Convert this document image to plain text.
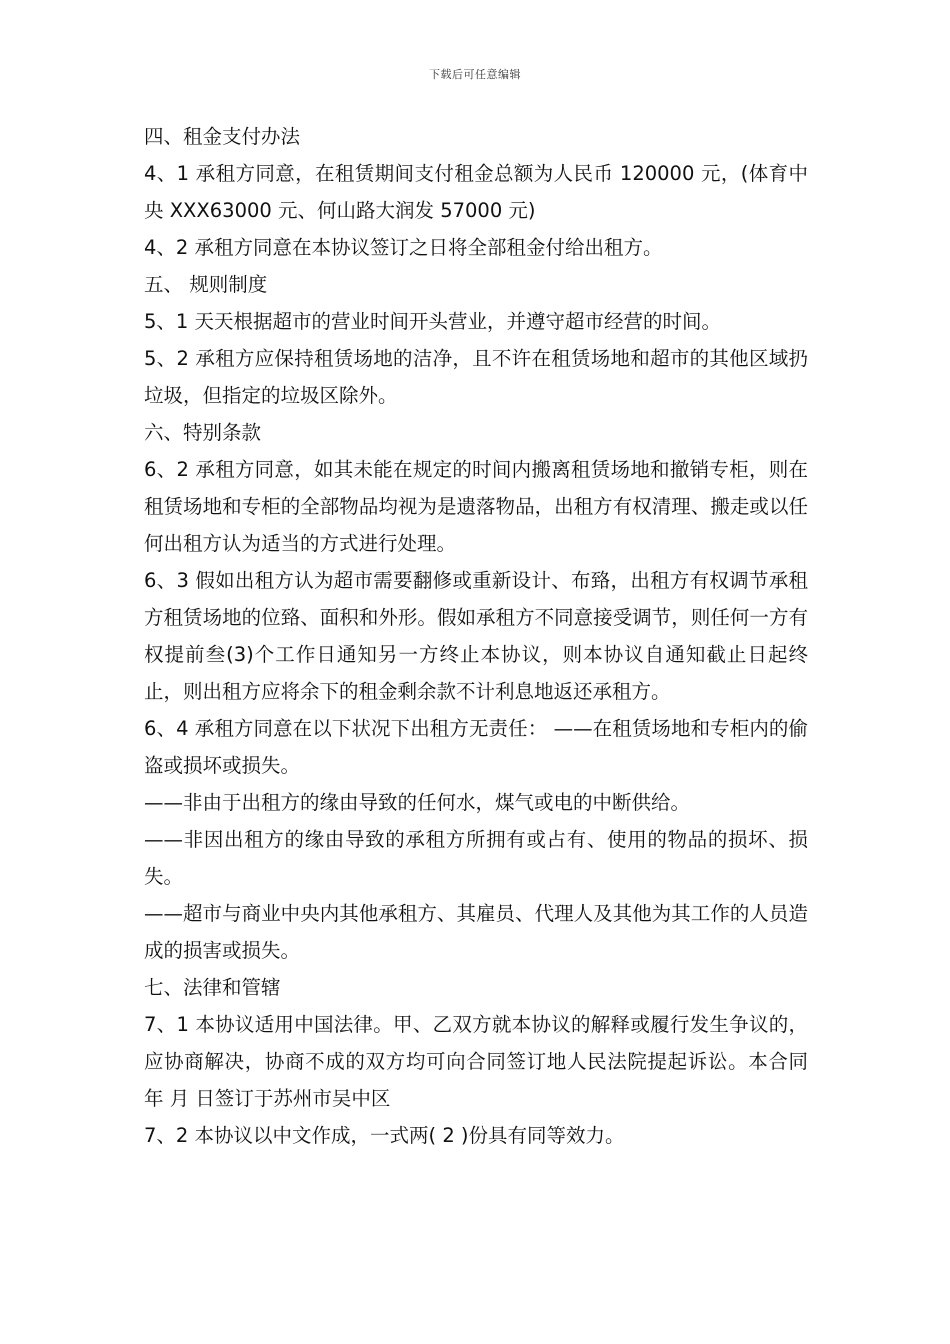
下载后可任意编辑

四、租金支付办法

4、1 承租方同意，在租赁期间支付租金总额为人民币 120000 元，(体育中央 XXX63000 元、何山路大润发 57000 元)

4、2 承租方同意在本协议签订之日将全部租金付给出租方。

五、 规则制度

5、1 天天根据超市的营业时间开头营业，并遵守超市经营的时间。

5、2 承租方应保持租赁场地的洁净，且不许在租赁场地和超市的其他区域扔垃圾，但指定的垃圾区除外。

六、特别条款

6、2 承租方同意，如其未能在规定的时间内搬离租赁场地和撤销专柜，则在租赁场地和专柜的全部物品均视为是遗落物品，出租方有权清理、搬走或以任何出租方认为适当的方式进行处理。

6、3 假如出租方认为超市需要翻修或重新设计、布臵，出租方有权调节承租方租赁场地的位臵、面积和外形。假如承租方不同意接受调节，则任何一方有权提前叁(3)个工作日通知另一方终止本协议，则本协议自通知截止日起终止，则出租方应将余下的租金剩余款不计利息地返还承租方。

6、4 承租方同意在以下状况下出租方无责任： ——在租赁场地和专柜内的偷盗或损坏或损失。

——非由于出租方的缘由导致的任何水，煤气或电的中断供给。

——非因出租方的缘由导致的承租方所拥有或占有、使用的物品的损坏、损失。

——超市与商业中央内其他承租方、其雇员、代理人及其他为其工作的人员造成的损害或损失。

七、法律和管辖

7、1 本协议适用中国法律。甲、乙双方就本协议的解释或履行发生争议的，应协商解决，协商不成的双方均可向合同签订地人民法院提起诉讼。本合同 年 月 日签订于苏州市吴中区

7、2 本协议以中文作成，一式两( 2 )份具有同等效力。
